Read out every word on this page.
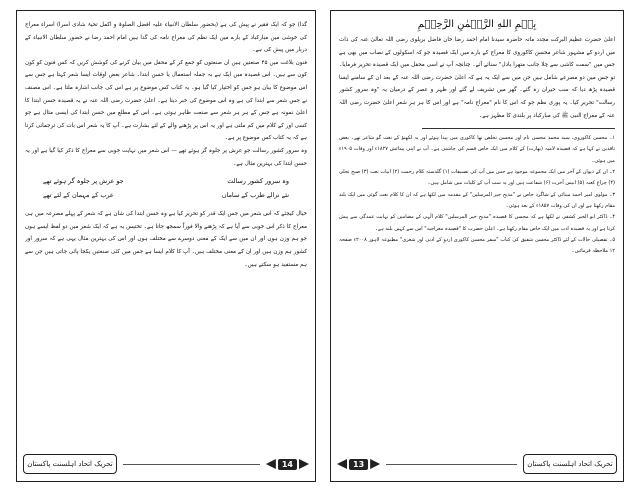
گدا) جو کہ ایک فقیر نے پیش کی ہے (بحضور سلطان الانبیاء علیہ افضل الصلوۃ و اکمل تحیۃ شادی اسرا) اسراء معراج کی خوشی میں مبارکباد کے بارے میں ایک نظم کی معراج نامہ کی گدا ہیں امام احمد رضا نے حضور سلطان الانبیاء کے دربار میں پیش کی ہے۔

فنون بلاغت میں ۴۵ صنعتیں ہیں ان صنعتوں کو جمع کر کے محفل میں بیان کرنے کی کوشش کریں کہ کس فنون کو کون کون سے ہیں۔ اس قصیدہ میں ایک ہے بہ جملہ استعمال یا حسن ابتدا۔ شاعر بعض اوقات ایسا شعر کہتا ہے جس سے اس موضوع کا بیان ہو جس کو اختیار کیا گیا ہو۔ یہ کتاب کس موضوع پر ہے اس کی جانب اشارہ ملتا ہے۔ اس مصنف نے جس شعر سے ابتدا کی ہے وہ اس موضوع کی خبر دیتا ہے۔ اعلیٰ حضرت رضی اللہ عنہ نے یہ قصیدہ حسن ابتدا کا اعلیٰ نمونہ ہے جس کے ہر ہر شعر سے صنعت ظاہر ہوتی ہے۔ اس کے مطلع میں حسن ابتدا کی ایسی مثال ہے جو کسی اور کے کلام میں کم ملتی ہے اور یہ اس پر پڑھنے والے کے لئے بشارت ہے۔ آپ کا یہ شعر اس بات کی ترجمانی کرتا ہے کہ یہ کتاب کس موضوع پر ہے۔

وہ سرور کشور رسالت جو عرش پر جلوہ گر ہوئے تھے — اس شعر میں نہایت خوبی سے معراج کا ذکر کیا گیا ہے اور یہ حسن ابتدا کی بہترین مثال ہے۔

وہ سرور کشور رسالت
جو عرش پر جلوہ گر ہوئے تھے
نئے نرالے طرب کے ساماں
عرب کے مہمان کے لئے تھے

خیال کیجئے کہ اس شعر میں جس ایک قدر کو تحریر کیا ہے وہ حسن ابتدا کی شان ہے کہ شعر کے پہلے مصرعہ میں ہی معراج کا ذکر اس خوبی سے آیا ہے کہ پڑھنے والا فوراً سمجھ جاتا ہے۔ تختیس یہ ہے کہ ایک شعر میں دو لفظ ایسے ہوں جو ہم وزن ہوں اور ان میں سے ایک کے معنی دوسرے سے مختلف ہوں اور اس کی بہترین مثال یہی ہے کہ سرور اور کشور ہم وزن ہیں اور ان کے معنی مختلف ہیں۔ آپ کا کلام ایسا ہے جس میں کئی صنعتیں یکجا پائی جاتی ہیں جن سے ہم مستفید ہو سکتے ہیں۔

تحریک اتحاد اہلسنت پاکستان	14
بِسۡمِ اللّٰهِ الرَّحۡمٰنِ الرَّحِیۡمِ

اعلیٰ حضرت عظیم البرکت مجدد ماتہ حاضرہ سیدنا امام احمد رضا خان فاضل بریلوی رضی اللہ تعالیٰ عنہ کی ذات میں اردو کے مشہور شاعر محسن کاکوروی کا معراج کے بارے میں ایک قصیدہ جو کہ اسکولوں کے نصاب میں بھی ہے جس میں "سمت کاشی سے چلا جانب متھرا بادل" سنائے آئے۔ چنانچہ آپ نے اسی محفل میں ایک قصیدہ تحریر فرمایا۔ تو جس میں دو مصرعے شامل ہیں جن میں سے ایک یہ ہے کہ اعلیٰ حضرت رضی اللہ عنہ کے بعد ان کے سامنے ایسا قصیدہ پڑھ دیا کہ سب حیران رہ گئے۔ گھر میں تشریف لے گئے اور ظہر و عصر کے درمیان یہ "وہ سرور کشور رسالت" تحریر کیا۔ یہ پوری نظم جو کہ اس کا نام "معراج نامہ" ہے اور اس کا ہر ہر شعر اعلیٰ حضرت رضی اللہ عنہ کے معراج النبی ﷺ کی مبارکباد پر بلندی کا مظہر ہے۔

۱۔ محسن کاکوروی، سید محمد محسن نام اور محسن تخلص تھا کاکوری میں پیدا ہوئے اور یہ لکھنؤ کے نعت گو شاعر تھے۔ بعض ناقدین نے کہا ہے کہ قصیدہ لامیہ (بھارت) کے کلام میں ایک خاص قسم کی چاشنی ہے۔ آپ نے اپنی پیدائش ۱۸۲۷ء اور وفات ۱۹۰۵ء میں ہوئی۔

۲۔ ان کے دیوان کے آخر میں ایک مجموعہ موجود ہے جس میں آپ کی تصنیفات (۱) گلدستہ کلام رحمت (۲) ابیات نعت (۳) صبح تجلی (۴) چراغ کعبہ (۵) انیس آخرت (۶) شفاعت ہیں اور یہ سب آپ کے کلیات میں شامل ہیں۔

۳۔ مولوی امیر احمد مینائی کے شاگرد خاص نے "مدیح خیر المرسلین" کے مقدمہ میں لکھا ہے کہ ان کا کلام نعت گوئی میں ایک بلند مقام رکھتا ہے اور ان کی وفات ۱۸۵۷ء کے بعد ہوئی۔

۴۔ ڈاکٹر ابو الخیر کشفی نے لکھا ہے کہ محسن کا قصیدہ "مدیح خیر المرسلین" کلام الٰہی کے مضامین کو نہایت عمدگی سے پیش کرتا ہے اور یہ قصیدہ ادب میں ایک خاص مقام رکھتا ہے۔ اعلیٰ حضرت کا "قصیدہ معراجیہ" اس سے کہیں بلند ہے۔

۵۔ تفصیلی حالات کے لئے ڈاکٹر محسن شفیق کی کتاب "سفر محسن کاکوری اردو کے ادبی اور شعری" مطبوعہ لاہور ۲۰۰۸ء صفحہ ۱۲ ملاحظہ فرمائیں۔

13	تحریک اتحاد اہلسنت پاکستان
